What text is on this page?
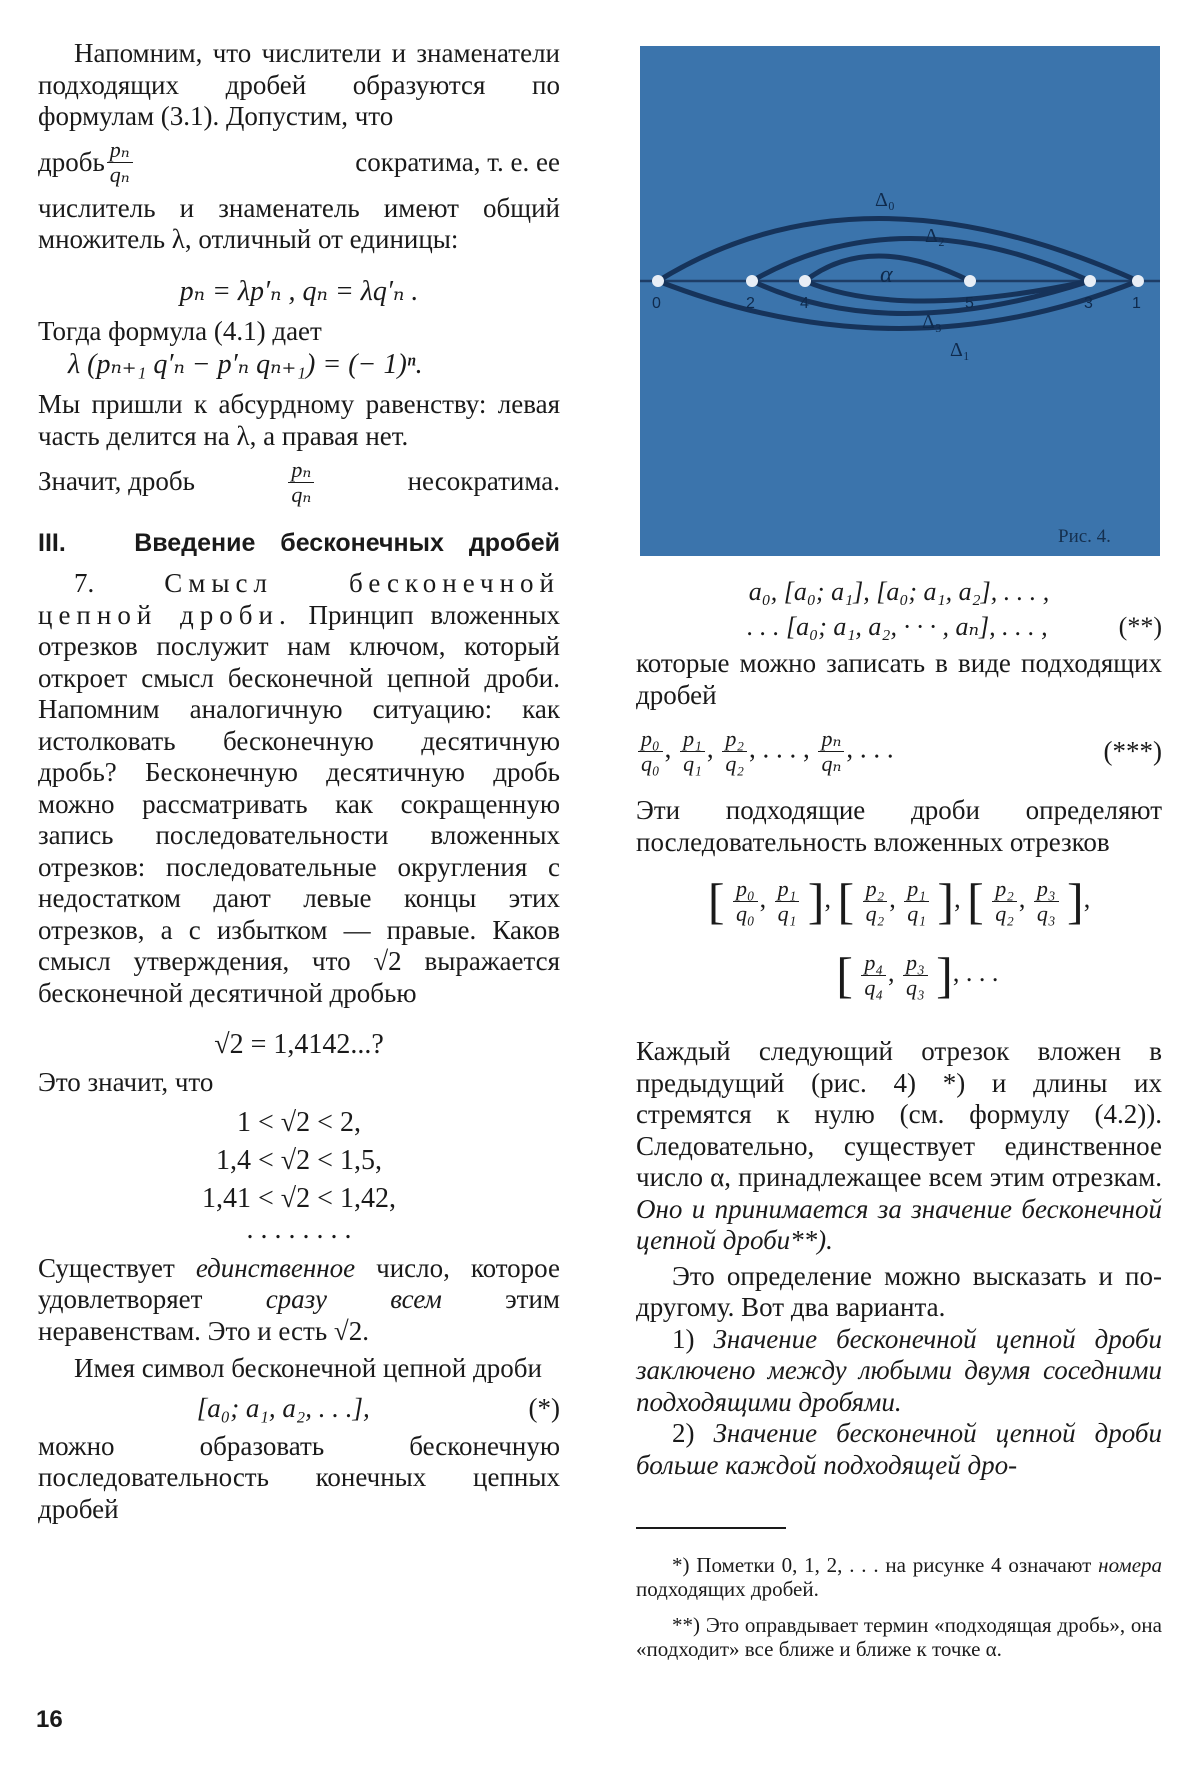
Напомним, что числители и знаменатели подходящих дробей образуются по формулам (3.1). Допустим, что

дробь $\frac{\text{pₙ}}{\text{qₙ}}$	сократима, т. е. ее

числитель и знаменатель имеют общий множитель λ, отличный от единицы:

pₙ = λp′ₙ , qₙ = λq′ₙ .

Тогда формула (4.1) дает

λ (pₙ₊₁ q′ₙ − p′ₙ qₙ₊₁) = (− 1)ⁿ.

Мы пришли к абсурдному равенству: левая часть делится на λ, а правая нет.

Значит, дробь	$\frac{\text{pₙ}}{\text{qₙ}}$	несократима.

III.	Введение бесконечных дробей

7.	Смысл бесконечной цепной дроби. Принцип вложенных отрезков послужит нам ключом, который откроет смысл бесконечной цепной дроби. Напомним аналогичную ситуацию: как истолковать бесконечную десятичную дробь? Бесконечную десятичную дробь можно рассматривать как сокращенную запись последовательности вложенных отрезков: последовательные округления с недостатком дают левые концы этих отрезков, а с избытком — правые. Каков смысл утверждения, что √2 выражается бесконечной десятичной дробью

√2 = 1,4142...?

Это значит, что

1 < √2 < 2,

1,4 < √2 < 1,5,

1,41 < √2 < 1,42,

. . . . . . . .

Существует единственное число, которое удовлетворяет сразу всем этим неравенствам. Это и есть √2.

Имея символ бесконечной цепной дроби

[a₀; a₁, a₂, . . .],	(*)

можно образовать бесконечную последовательность конечных цепных дробей

16
0	2	4	5	3 1
Δ₀
Δ₂
Δ₃
Δ₁
α
Рис. 4.

a₀, [a₀; a₁], [a₀; a₁, a₂], . . . ,

. . . [a₀; a₁, a₂, · · · , aₙ], . . . ,	(**)

которые можно записать в виде подходящих дробей

$\frac{\text{p₀}}{\text{q₀}}$ , $\frac{\text{p₁}}{\text{q₁}}$ , $\frac{\text{p₂}}{\text{q₂}}$ , . . . , $\frac{\text{pₙ}}{\text{qₙ}}$ , . . .	(***)

Эти подходящие дроби определяют последовательность вложенных отрезков

[ $\frac{\text{p₀}}{\text{q₀}}$ , $\frac{\text{p₁}}{\text{q₁}}$ ], [ $\frac{\text{p₂}}{\text{q₂}}$ , $\frac{\text{p₁}}{\text{q₁}}$ ], [ $\frac{\text{p₂}}{\text{q₂}}$ , $\frac{\text{p₃}}{\text{q₃}}$ ],
[ $\frac{\text{p₄}}{\text{q₄}}$ , $\frac{\text{p₃}}{\text{q₃}}$ ], . . .

Каждый следующий отрезок вложен в предыдущий (рис. 4) *) и длины их стремятся к нулю (см. формулу (4.2)). Следовательно, существует единственное число α, принадлежащее всем этим отрезкам. Оно и принимается за значение бесконечной цепной дроби**).

Это определение можно высказать и по-другому. Вот два варианта.

1) Значение бесконечной цепной дроби заключено между любыми двумя соседними подходящими дробями.

2) Значение бесконечной цепной дроби больше каждой подходящей дро-

*) Пометки 0, 1, 2, . . . на рисунке 4 означают номера подходящих дробей.

**) Это оправдывает термин «подходящая дробь», она «подходит» все ближе и ближе к точке α.
